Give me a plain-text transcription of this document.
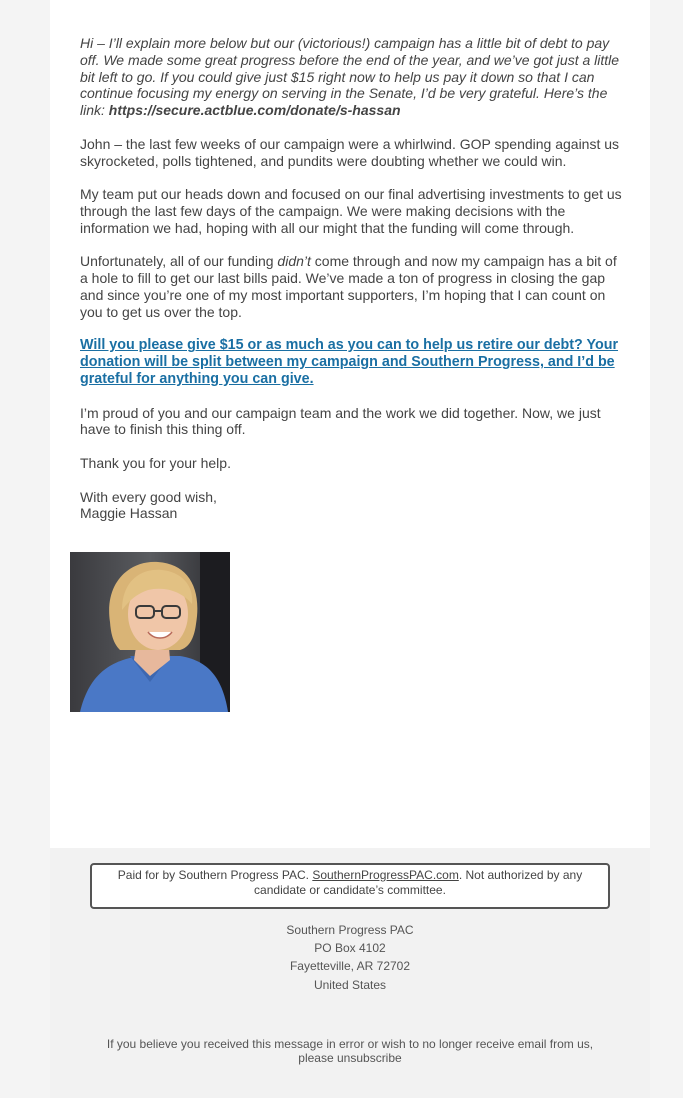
Hi – I’ll explain more below but our (victorious!) campaign has a little bit of debt to pay off. We made some great progress before the end of the year, and we’ve got just a little bit left to go. If you could give just $15 right now to help us pay it down so that I can continue focusing my energy on serving in the Senate, I’d be very grateful. Here’s the link: https://secure.actblue.com/donate/s-hassan

John – the last few weeks of our campaign were a whirlwind. GOP spending against us skyrocketed, polls tightened, and pundits were doubting whether we could win.

My team put our heads down and focused on our final advertising investments to get us through the last few days of the campaign. We were making decisions with the information we had, hoping with all our might that the funding will come through.

Unfortunately, all of our funding didn’t come through and now my campaign has a bit of a hole to fill to get our last bills paid. We’ve made a ton of progress in closing the gap and since you’re one of my most important supporters, I’m hoping that I can count on you to get us over the top.

Will you please give $15 or as much as you can to help us retire our debt? Your donation will be split between my campaign and Southern Progress, and I’d be grateful for anything you can give.

I’m proud of you and our campaign team and the work we did together. Now, we just have to finish this thing off.

Thank you for your help.

With every good wish,
Maggie Hassan

Paid for by Southern Progress PAC. SouthernProgressPAC.com. Not authorized by any candidate or candidate’s committee.
Southern Progress PAC
PO Box 4102
Fayetteville, AR 72702
United States
If you believe you received this message in error or wish to no longer receive email from us, please unsubscribe
